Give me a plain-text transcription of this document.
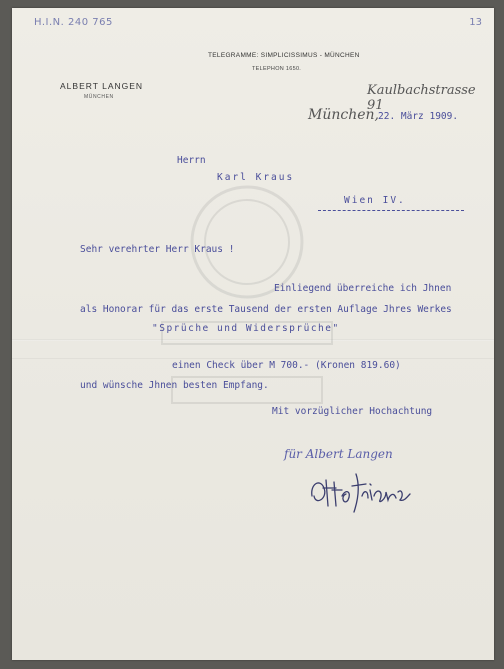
H.I.N. 240 765	13
TELEGRAMME: SIMPLICISSIMUS - MÜNCHEN
TELEPHON 1650.
ALBERT LANGEN
MÜNCHEN	Kaulbachstrasse 91
München, 22. März 1909.
Herrn
Karl Kraus
Wien IV.
Sehr verehrter Herr Kraus !
Einliegend überreiche ich Jhnen
als Honorar für das erste Tausend der ersten Auflage Jhres Werkes
"Sprüche und Widersprüche"
einen Check über M 700.- (Kronen 819.60)
und wünsche Jhnen besten Empfang.
Mit vorzüglicher Hochachtung
für Albert Langen
